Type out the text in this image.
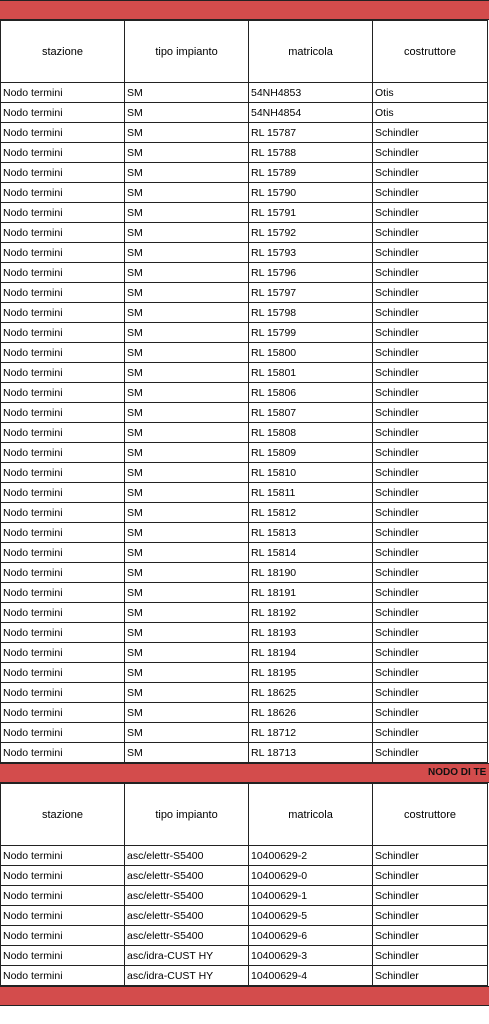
stazione	tipo impianto	matricola	costruttore
Nodo termini	SM	54NH4853	Otis
Nodo termini	SM	54NH4854	Otis
Nodo termini	SM	RL 15787	Schindler
Nodo termini	SM	RL 15788	Schindler
Nodo termini	SM	RL 15789	Schindler
Nodo termini	SM	RL 15790	Schindler
Nodo termini	SM	RL 15791	Schindler
Nodo termini	SM	RL 15792	Schindler
Nodo termini	SM	RL 15793	Schindler
Nodo termini	SM	RL 15796	Schindler
Nodo termini	SM	RL 15797	Schindler
Nodo termini	SM	RL 15798	Schindler
Nodo termini	SM	RL 15799	Schindler
Nodo termini	SM	RL 15800	Schindler
Nodo termini	SM	RL 15801	Schindler
Nodo termini	SM	RL 15806	Schindler
Nodo termini	SM	RL 15807	Schindler
Nodo termini	SM	RL 15808	Schindler
Nodo termini	SM	RL 15809	Schindler
Nodo termini	SM	RL 15810	Schindler
Nodo termini	SM	RL 15811	Schindler
Nodo termini	SM	RL 15812	Schindler
Nodo termini	SM	RL 15813	Schindler
Nodo termini	SM	RL 15814	Schindler
Nodo termini	SM	RL 18190	Schindler
Nodo termini	SM	RL 18191	Schindler
Nodo termini	SM	RL 18192	Schindler
Nodo termini	SM	RL 18193	Schindler
Nodo termini	SM	RL 18194	Schindler
Nodo termini	SM	RL 18195	Schindler
Nodo termini	SM	RL 18625	Schindler
Nodo termini	SM	RL 18626	Schindler
Nodo termini	SM	RL 18712	Schindler
Nodo termini	SM	RL 18713	Schindler
NODO DI TE
stazione	tipo impianto	matricola	costruttore
Nodo termini	asc/elettr-S5400	10400629-2	Schindler
Nodo termini	asc/elettr-S5400	10400629-0	Schindler
Nodo termini	asc/elettr-S5400	10400629-1	Schindler
Nodo termini	asc/elettr-S5400	10400629-5	Schindler
Nodo termini	asc/elettr-S5400	10400629-6	Schindler
Nodo termini	asc/idra-CUST HY	10400629-3	Schindler
Nodo termini	asc/idra-CUST HY	10400629-4	Schindler
